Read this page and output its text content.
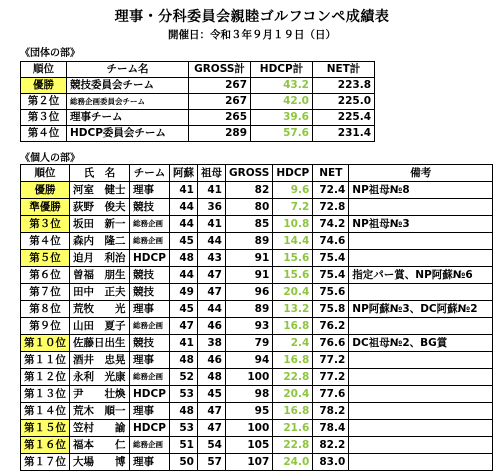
理事・分科委員会親睦ゴルフコンペ成績表
開催日：令和３年９月１９日（日）
《団体の部》
順位	チーム名	GROSS計	HDCP計	NET計
優勝	競技委員会チーム	267	43.2	223.8
第２位	総務企画委員会チーム	267	42.0	225.0
第３位	理事チーム	265	39.6	225.4
第４位	HDCP委員会チーム	289	57.6	231.4
《個人の部》
順位	氏　名	チーム	阿蘇	祖母	GROSS	HDCP	NET	備考
優勝	河室　健士	理事	41	41	82	9.6	72.4	NP祖母№8
準優勝	荻野　俊夫	競技	44	36	80	7.2	72.8	
第３位	坂田　新一	総務企画	44	41	85	10.8	74.2	NP祖母№3
第４位	森内　隆二	総務企画	45	44	89	14.4	74.6	
第５位	迫月　利治	HDCP	48	43	91	15.6	75.4	
第６位	曽福　朋生	競技	44	47	91	15.6	75.4	指定パー賞、NP阿蘇№6
第７位	田中　正夫	競技	49	47	96	20.4	75.6	
第８位	荒牧　　光	理事	45	44	89	13.2	75.8	NP阿蘇№3、DC阿蘇№2
第９位	山田　夏子	総務企画	47	46	93	16.8	76.2	
第１０位	佐藤日出生	競技	41	38	79	2.4	76.6	DC祖母№2、BG賞
第１１位	酒井　忠晃	理事	48	46	94	16.8	77.2	
第１２位	永利　光康	総務企画	52	48	100	22.8	77.2	
第１３位	尹　　壮煥	HDCP	53	45	98	20.4	77.6	
第１４位	荒木　順一	理事	48	47	95	16.8	78.2	
第１５位	笠村　　諭	HDCP	53	47	100	21.6	78.4	
第１６位	福本　　仁	総務企画	51	54	105	22.8	82.2	
第１７位	大場　　博	理事	50	57	107	24.0	83.0	
